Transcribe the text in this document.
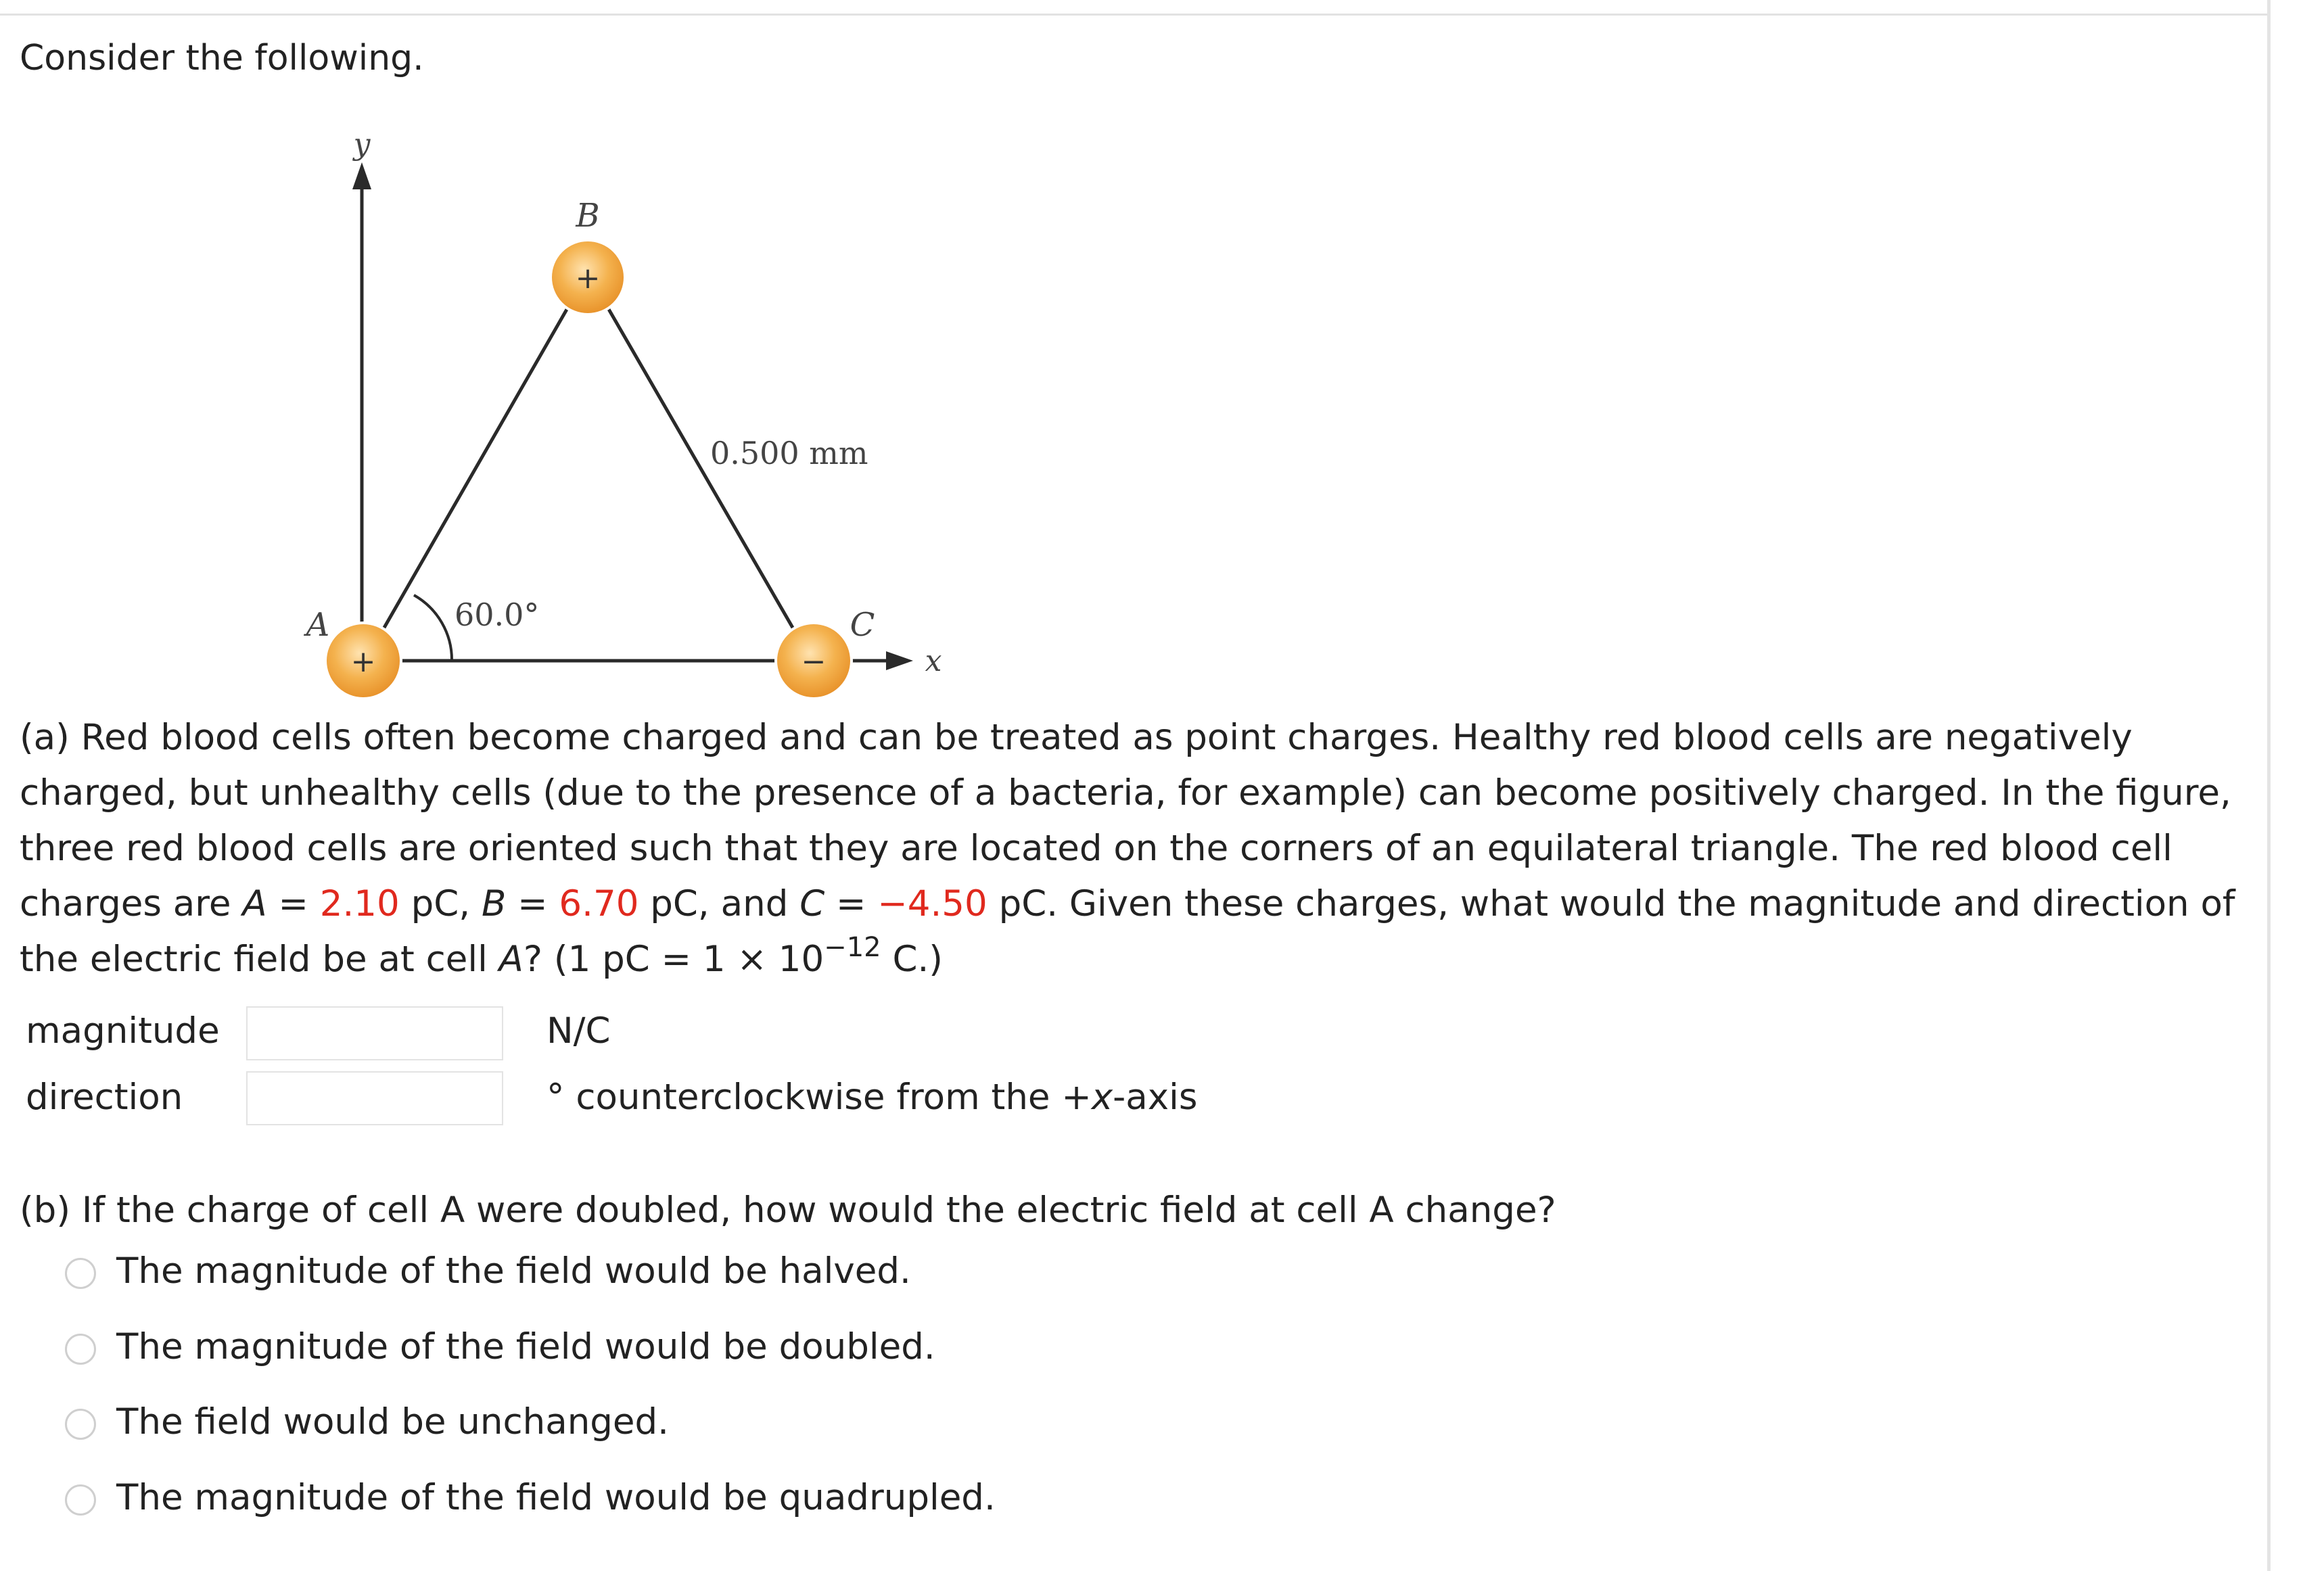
Consider the following.
y
x
60.0°
0.500 mm
+
A
+
B
−
C

(a) Red blood cells often become charged and can be treated as point charges. Healthy red blood cells are negatively charged, but unhealthy cells (due to the presence of a bacteria, for example) can become positively charged. In the figure, three red blood cells are oriented such that they are located on the corners of an equilateral triangle. The red blood cell charges are A = 2.10 pC, B = 6.70 pC, and C = −4.50 pC. Given these charges, what would the magnitude and direction of the electric field be at cell A? (1 pC = $1 \times 10^{-12}$ C.)

magnitude	N/C
direction	° counterclockwise from the +x-axis

(b) If the charge of cell A were doubled, how would the electric field at cell A change?

The magnitude of the field would be halved.
The magnitude of the field would be doubled.
The field would be unchanged.
The magnitude of the field would be quadrupled.
